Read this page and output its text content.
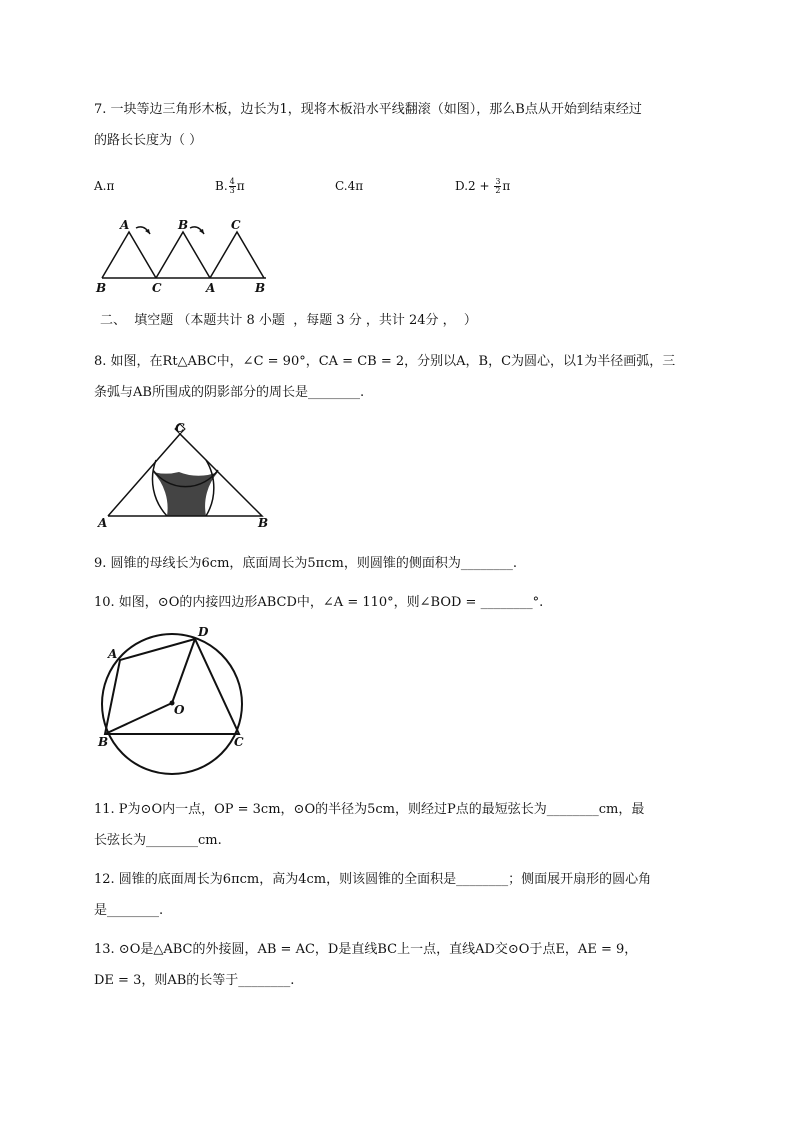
7. 一块等边三角形木板，边长为1，现将木板沿水平线翻滚（如图），那么B点从开始到结束经过
的路长长度为（ ）
A.π	B. $\frac{4}{3}$ π	C.4π	$D.2 + \frac{3}{2}$ π
A	B	C
B	C	A	B
二、  填空题 （本题共计 8 小题  ，每题 3 分 ，共计 24分 ，  ）
8. 如图，在Rt△ABC中，∠C = 90°，CA = CB = 2，分别以A，B，C为圆心，以1为半径画弧，三
条弧与AB所围成的阴影部分的周长是________.
C
A	B
9. 圆锥的母线长为6cm，底面周长为5πcm，则圆锥的侧面积为________.
10. 如图，⊙O的内接四边形ABCD中，∠A = 110°，则∠BOD = ________°.
D
A
O
B	C
11. P为⊙O内一点，OP = 3cm，⊙O的半径为5cm，则经过P点的最短弦长为________cm，最
长弦长为________cm.
12. 圆锥的底面周长为6πcm，高为4cm，则该圆锥的全面积是________；侧面展开扇形的圆心角
是________.
13. ⊙O是△ABC的外接圆，AB = AC，D是直线BC上一点，直线AD交⊙O于点E，AE = 9，
DE = 3，则AB的长等于________.
